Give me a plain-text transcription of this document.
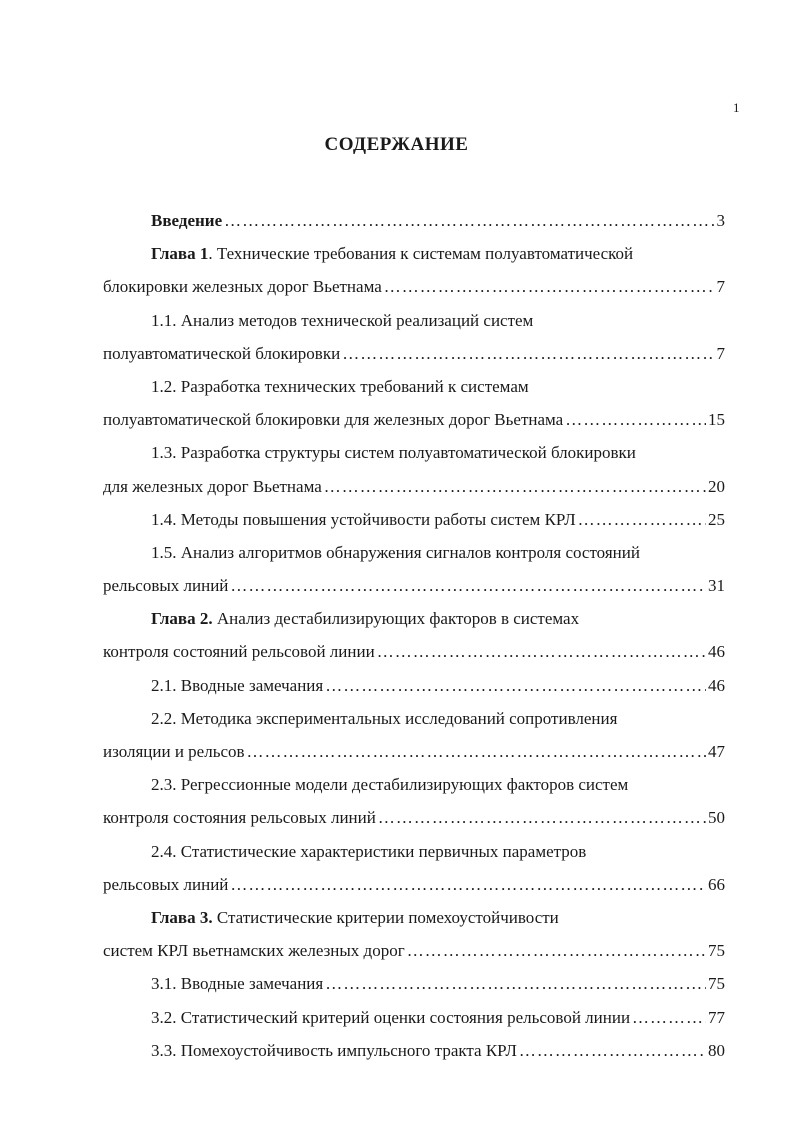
1
СОДЕРЖАНИЕ
Введение ………………………………………………………………………………………………………………………………………………………………	3
Глава 1. Технические требования к системам полуавтоматической
блокировки железных дорог Вьетнама ………………………………………………………………………………………………………………………………………………………………	7
1.1. Анализ методов технической реализаций систем
полуавтоматической блокировки ………………………………………………………………………………………………………………………………………………………………	7
1.2. Разработка технических требований к системам
полуавтоматической блокировки для железных дорог Вьетнама ………………………………………………………………………………………………………………………………………………………………	15
1.3. Разработка структуры систем полуавтоматической блокировки
для железных дорог Вьетнама ………………………………………………………………………………………………………………………………………………………………	20
1.4. Методы повышения устойчивости работы систем КРЛ ………………………………………………………………………………………………………………………………………………………………	25
1.5. Анализ алгоритмов обнаружения сигналов контроля состояний
рельсовых линий ………………………………………………………………………………………………………………………………………………………………	31
Глава 2. Анализ дестабилизирующих факторов в системах
контроля состояний рельсовой линии ………………………………………………………………………………………………………………………………………………………………	46
2.1. Вводные замечания ………………………………………………………………………………………………………………………………………………………………	46
2.2. Методика экспериментальных исследований сопротивления
изоляции и рельсов ………………………………………………………………………………………………………………………………………………………………	47
2.3. Регрессионные модели дестабилизирующих факторов систем
контроля состояния рельсовых линий ………………………………………………………………………………………………………………………………………………………………	50
2.4. Статистические характеристики первичных параметров
рельсовых линий ………………………………………………………………………………………………………………………………………………………………	66
Глава 3. Статистические критерии помехоустойчивости
систем КРЛ вьетнамских железных дорог ………………………………………………………………………………………………………………………………………………………………	75
3.1. Вводные замечания ………………………………………………………………………………………………………………………………………………………………	75
3.2. Статистический критерий оценки состояния рельсовой линии ………………………………………………………………………………………………………………………………………………………………	77
3.3. Помехоустойчивость импульсного тракта КРЛ ………………………………………………………………………………………………………………………………………………………………	80
